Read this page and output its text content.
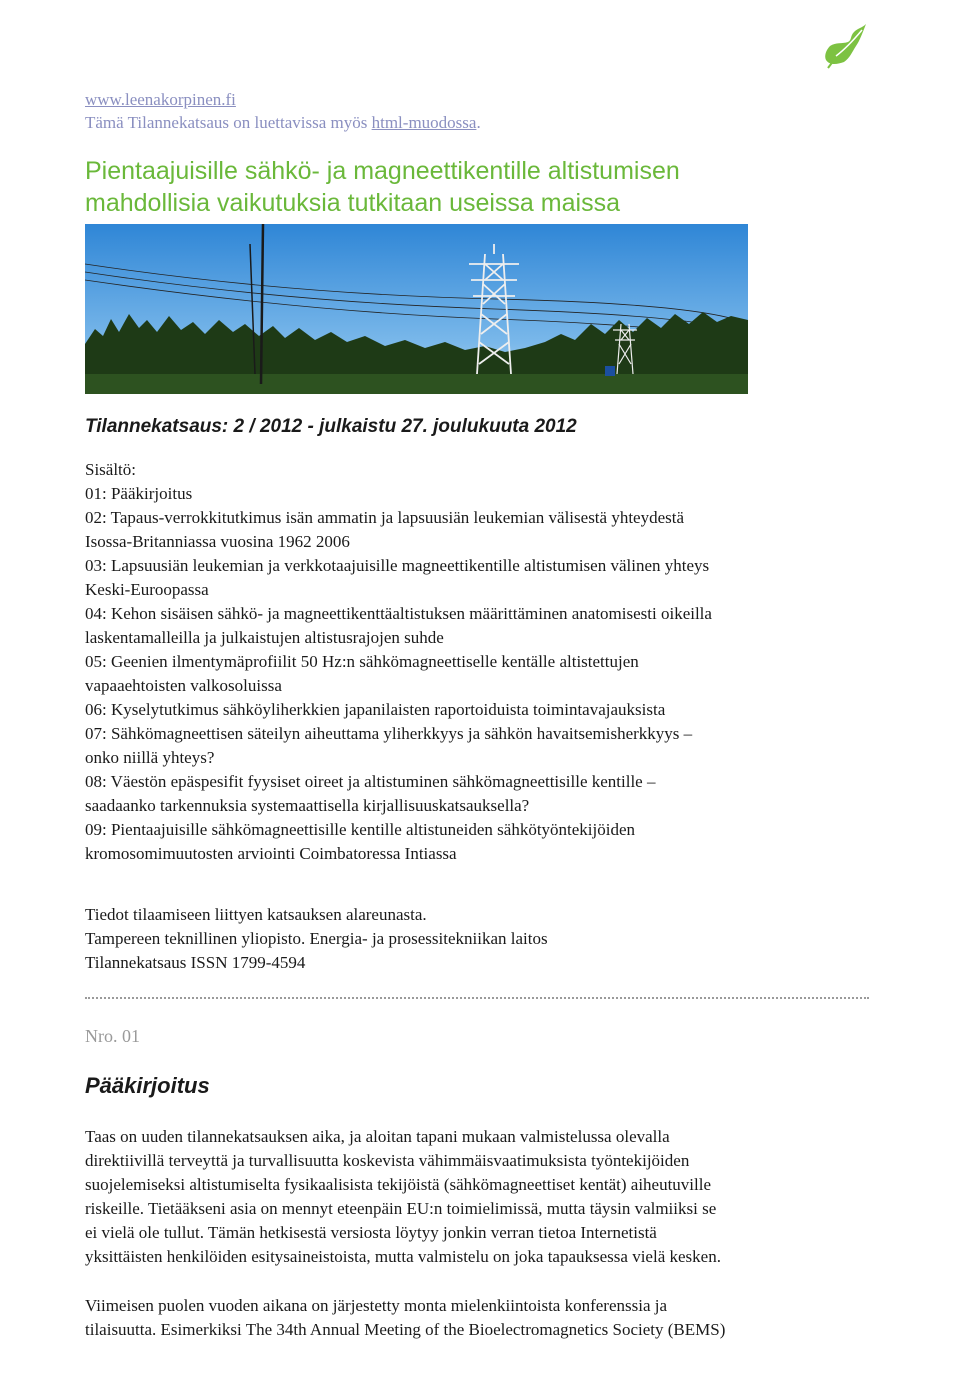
www.leenakorpinen.fi
Tämä Tilannekatsaus on luettavissa myös html-muodossa.
Pientaajuisille sähkö- ja magneettikentille altistumisen
mahdollisia vaikutuksia tutkitaan useissa maissa
Tilannekatsaus: 2 / 2012 - julkaistu 27. joulukuuta 2012
Sisältö:
01: Pääkirjoitus
02: Tapaus-verrokkitutkimus isän ammatin ja lapsuusiän leukemian välisestä yhteydestä
Isossa-Britanniassa vuosina 1962 2006
03: Lapsuusiän leukemian ja verkkotaajuisille magneettikentille altistumisen välinen yhteys
Keski-Euroopassa
04: Kehon sisäisen sähkö- ja magneettikenttäaltistuksen määrittäminen anatomisesti oikeilla
laskentamalleilla ja julkaistujen altistusrajojen suhde
05: Geenien ilmentymäprofiilit 50 Hz:n sähkömagneettiselle kentälle altistettujen
vapaaehtoisten valkosoluissa
06: Kyselytutkimus sähköyliherkkien japanilaisten raportoiduista toimintavajauksista
07: Sähkömagneettisen säteilyn aiheuttama yliherkkyys ja sähkön havaitsemisherkkyys –
onko niillä yhteys?
08: Väestön epäspesifit fyysiset oireet ja altistuminen sähkömagneettisille kentille –
saadaanko tarkennuksia systemaattisella kirjallisuuskatsauksella?
09: Pientaajuisille sähkömagneettisille kentille altistuneiden sähkötyöntekijöiden
kromosomimuutosten arviointi Coimbatoressa Intiassa
Tiedot tilaamiseen liittyen katsauksen alareunasta.
Tampereen teknillinen yliopisto. Energia- ja prosessitekniikan laitos
Tilannekatsaus ISSN 1799-4594
Nro. 01
Pääkirjoitus

Taas on uuden tilannekatsauksen aika, ja aloitan tapani mukaan valmistelussa olevalla
direktiivillä terveyttä ja turvallisuutta koskevista vähimmäisvaatimuksista työntekijöiden
suojelemiseksi altistumiselta fysikaalisista tekijöistä (sähkömagneettiset kentät) aiheutuville
riskeille. Tietääkseni asia on mennyt eteenpäin EU:n toimielimissä, mutta täysin valmiiksi se
ei vielä ole tullut. Tämän hetkisestä versiosta löytyy jonkin verran tietoa Internetistä
yksittäisten henkilöiden esitysaineistoista, mutta valmistelu on joka tapauksessa vielä kesken.

Viimeisen puolen vuoden aikana on järjestetty monta mielenkiintoista konferenssia ja
tilaisuutta. Esimerkiksi The 34th Annual Meeting of the Bioelectromagnetics Society (BEMS)
